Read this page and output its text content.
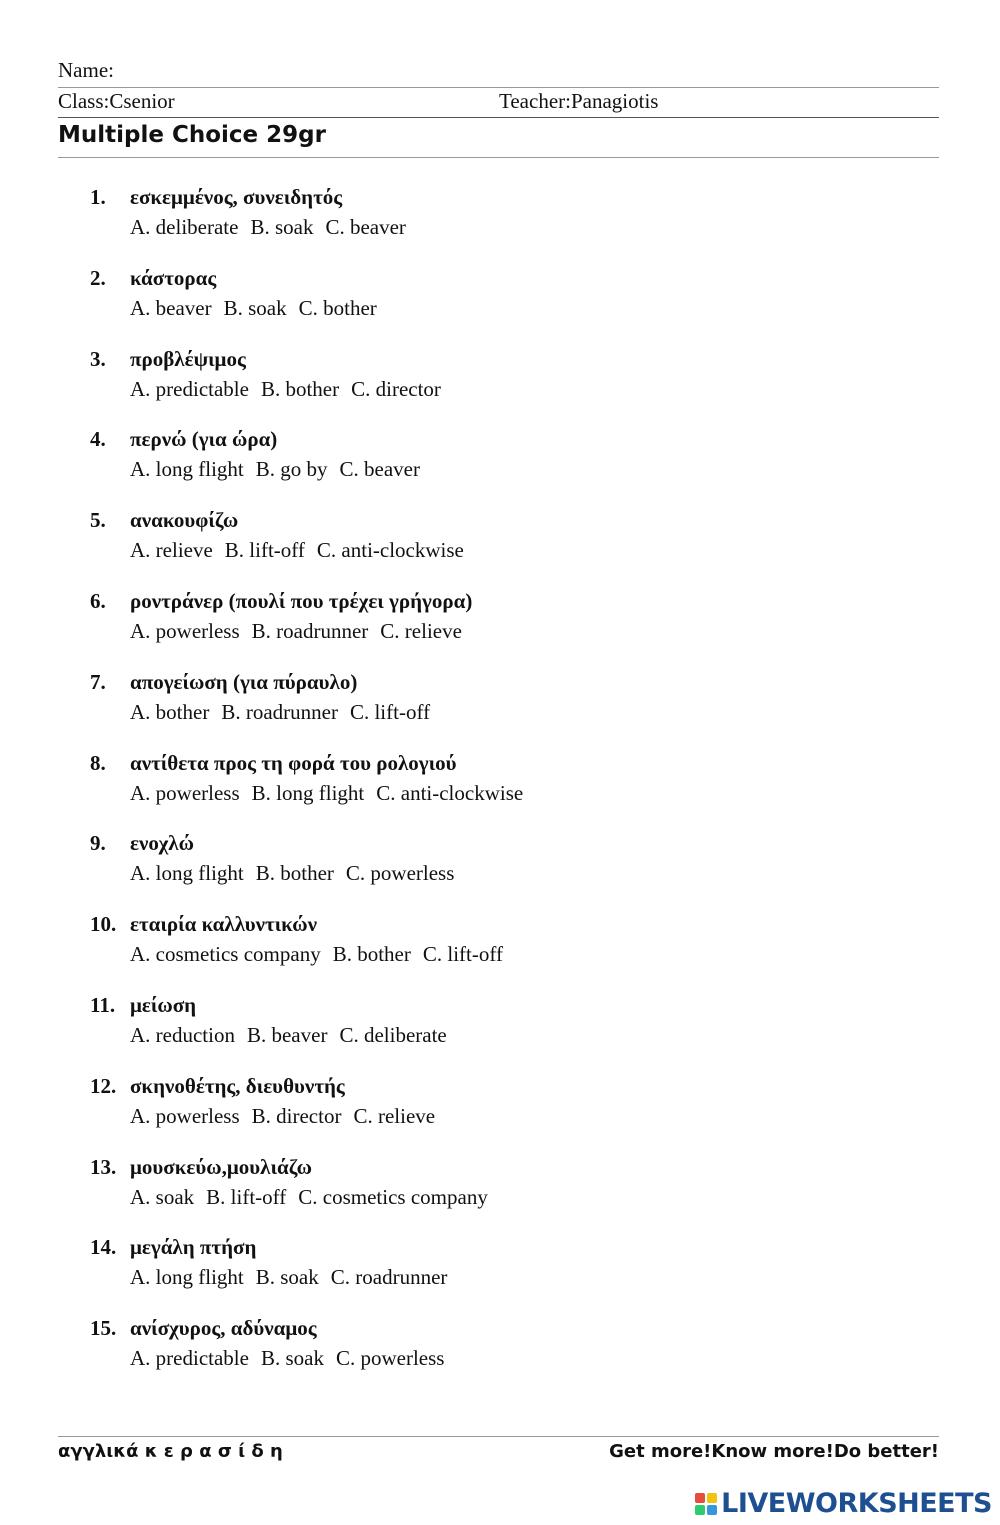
Name:
Class:Csenior	Teacher:Panagiotis
Multiple Choice 29gr
1. εσκεμμένος, συνειδητός
A. deliberate B. soak C. beaver
2. κάστορας
A. beaver B. soak C. bother
3. προβλέψιμος
A. predictable B. bother C. director
4. περνώ (για ώρα)
A. long flight B. go by C. beaver
5. ανακουφίζω
A. relieve B. lift-off C. anti-clockwise
6. ροντράνερ (πουλί που τρέχει γρήγορα)
A. powerless B. roadrunner C. relieve
7. απογείωση (για πύραυλο)
A. bother B. roadrunner C. lift-off
8. αντίθετα προς τη φορά του ρολογιού
A. powerless B. long flight C. anti-clockwise
9. ενοχλώ
A. long flight B. bother C. powerless
10. εταιρία καλλυντικών
A. cosmetics company B. bother C. lift-off
11. μείωση
A. reduction B. beaver C. deliberate
12. σκηνοθέτης, διευθυντής
A. powerless B. director C. relieve
13. μουσκεύω,μουλιάζω
A. soak B. lift-off C. cosmetics company
14. μεγάλη πτήση
A. long flight B. soak C. roadrunner
15. ανίσχυρος, αδύναμος
A. predictable B. soak C. powerless
αγγλικά κ ε ρ α σ ί δ η	Get more!Know more!Do better!
LIVEWORKSHEETS
